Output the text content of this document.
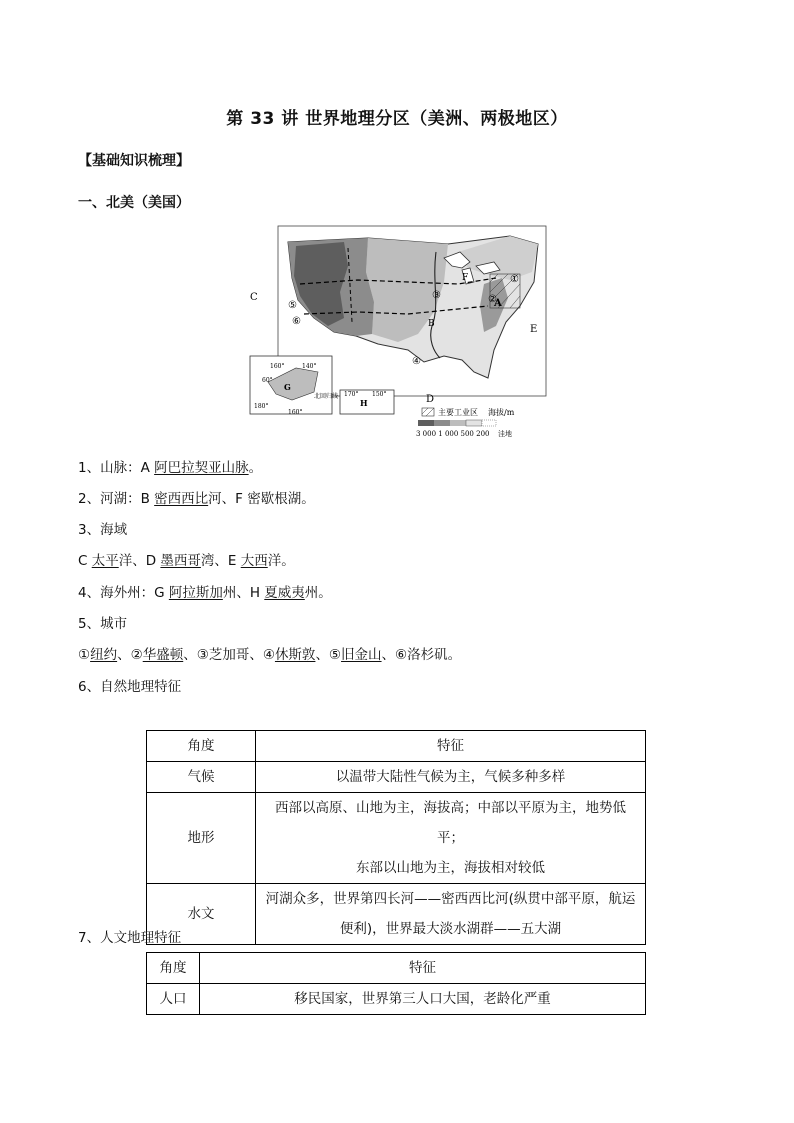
第 33 讲 世界地理分区（美洲、两极地区）
【基础知识梳理】
一、北美（美国）
C
D
E
A
B
F	①
②
③
④
⑤
⑥
G
160°	140°
180°
60°
160°
H
170° 150°
北回归线
主要工业区 海拔/m
3 000 1 000 500 200 洼地
1、山脉：A 阿巴拉契亚山脉。
2、河湖：B 密西西比河、F 密歇根湖。
3、海域
C 太平洋、D 墨西哥湾、E 大西洋。
4、海外州：G 阿拉斯加州、H 夏威夷州。
5、城市
①纽约、②华盛顿、③芝加哥、④休斯敦、⑤旧金山、⑥洛杉矶。
6、自然地理特征
角度	特征
气候	以温带大陆性气候为主，气候多种多样
地形	西部以高原、山地为主，海拔高；中部以平原为主，地势低平；
东部以山地为主，海拔相对较低

水文	河湖众多，世界第四长河——密西西比河(纵贯中部平原，航运
便利)，世界最大淡水湖群——五大湖
7、人文地理特征
角度	特征
人口	移民国家，世界第三人口大国，老龄化严重
